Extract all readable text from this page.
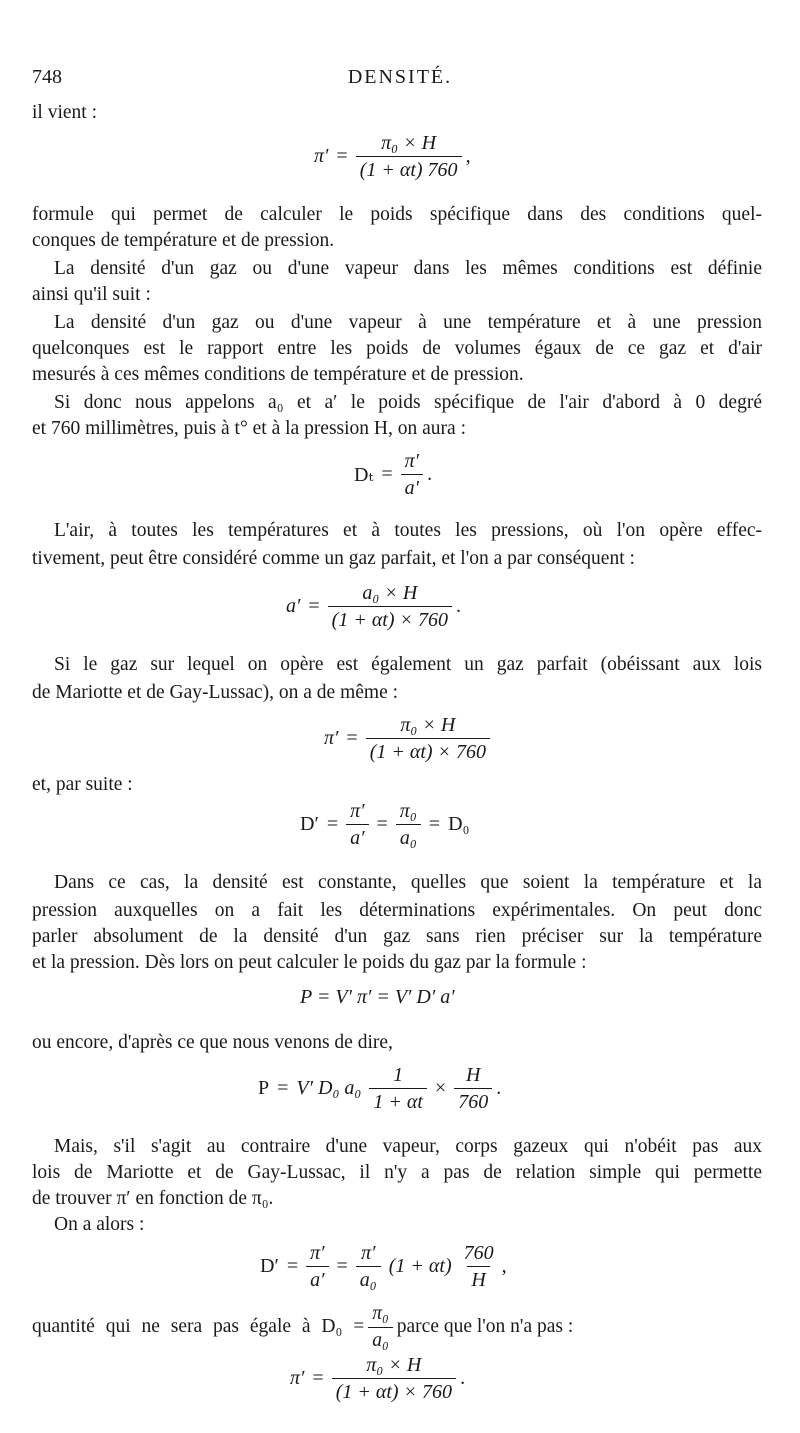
748	DENSITÉ.
il vient :
$\pi' = \frac{\text{π₀ × H}}{(1 + \alpha t) 760}$ ,
formule qui permet de calculer le poids spécifique dans des conditions quel-
conques de température et de pression.
La densité d'un gaz ou d'une vapeur dans les mêmes conditions est définie
ainsi qu'il suit :
La densité d'un gaz ou d'une vapeur à une température et à une pression
quelconques est le rapport entre les poids de volumes égaux de ce gaz et d'air
mesurés à ces mêmes conditions de température et de pression.
Si donc nous appelons a₀ et a′ le poids spécifique de l'air d'abord à 0 degré
et 760 millimètres, puis à t° et à la pression H, on aura :
$D_t = \frac{\pi'}{a'}$ .
L'air, à toutes les températures et à toutes les pressions, où l'on opère effec-
tivement, peut être considéré comme un gaz parfait, et l'on a par conséquent :
$a' = \frac{\text{a₀ × H}}{(1 + \alpha t) \times 760}$ .
Si le gaz sur lequel on opère est également un gaz parfait (obéissant aux lois
de Mariotte et de Gay-Lussac), on a de même :
$\pi' = \frac{\text{π₀ × H}}{(1 + \alpha t) \times 760}$
et, par suite :
$D' = \frac{\pi'}{a'} = \frac{\text{π₀}}{\text{a₀}} = D_0$
Dans ce cas, la densité est constante, quelles que soient la température et la
pression auxquelles on a fait les déterminations expérimentales. On peut donc
parler absolument de la densité d'un gaz sans rien préciser sur la température
et la pression. Dès lors on peut calculer le poids du gaz par la formule :
P = V′ π′ = V′ D′ a′
ou encore, d'après ce que nous venons de dire,
P = V′ D₀ $a_0 \frac{1}{1 + \alpha t} \times \frac{H}{760}$ .
Mais, s'il s'agit au contraire d'une vapeur, corps gazeux qui n'obéit pas aux
lois de Mariotte et de Gay-Lussac, il n'y a pas de relation simple qui permette
de trouver π′ en fonction de π₀.
On a alors :
$D' = \frac{\pi'}{a'} = \frac{\pi'}{\text{a₀}} (1 + \alpha t) \frac{760}{H}$ ,
quantité qui ne sera pas égale à $D_0 = \frac{\text{π₀}}{\text{a₀}}$ parce que l'on n'a pas :
$\pi' = \frac{\text{π₀ × H}}{(1 + \alpha t) \times 760}$ .
